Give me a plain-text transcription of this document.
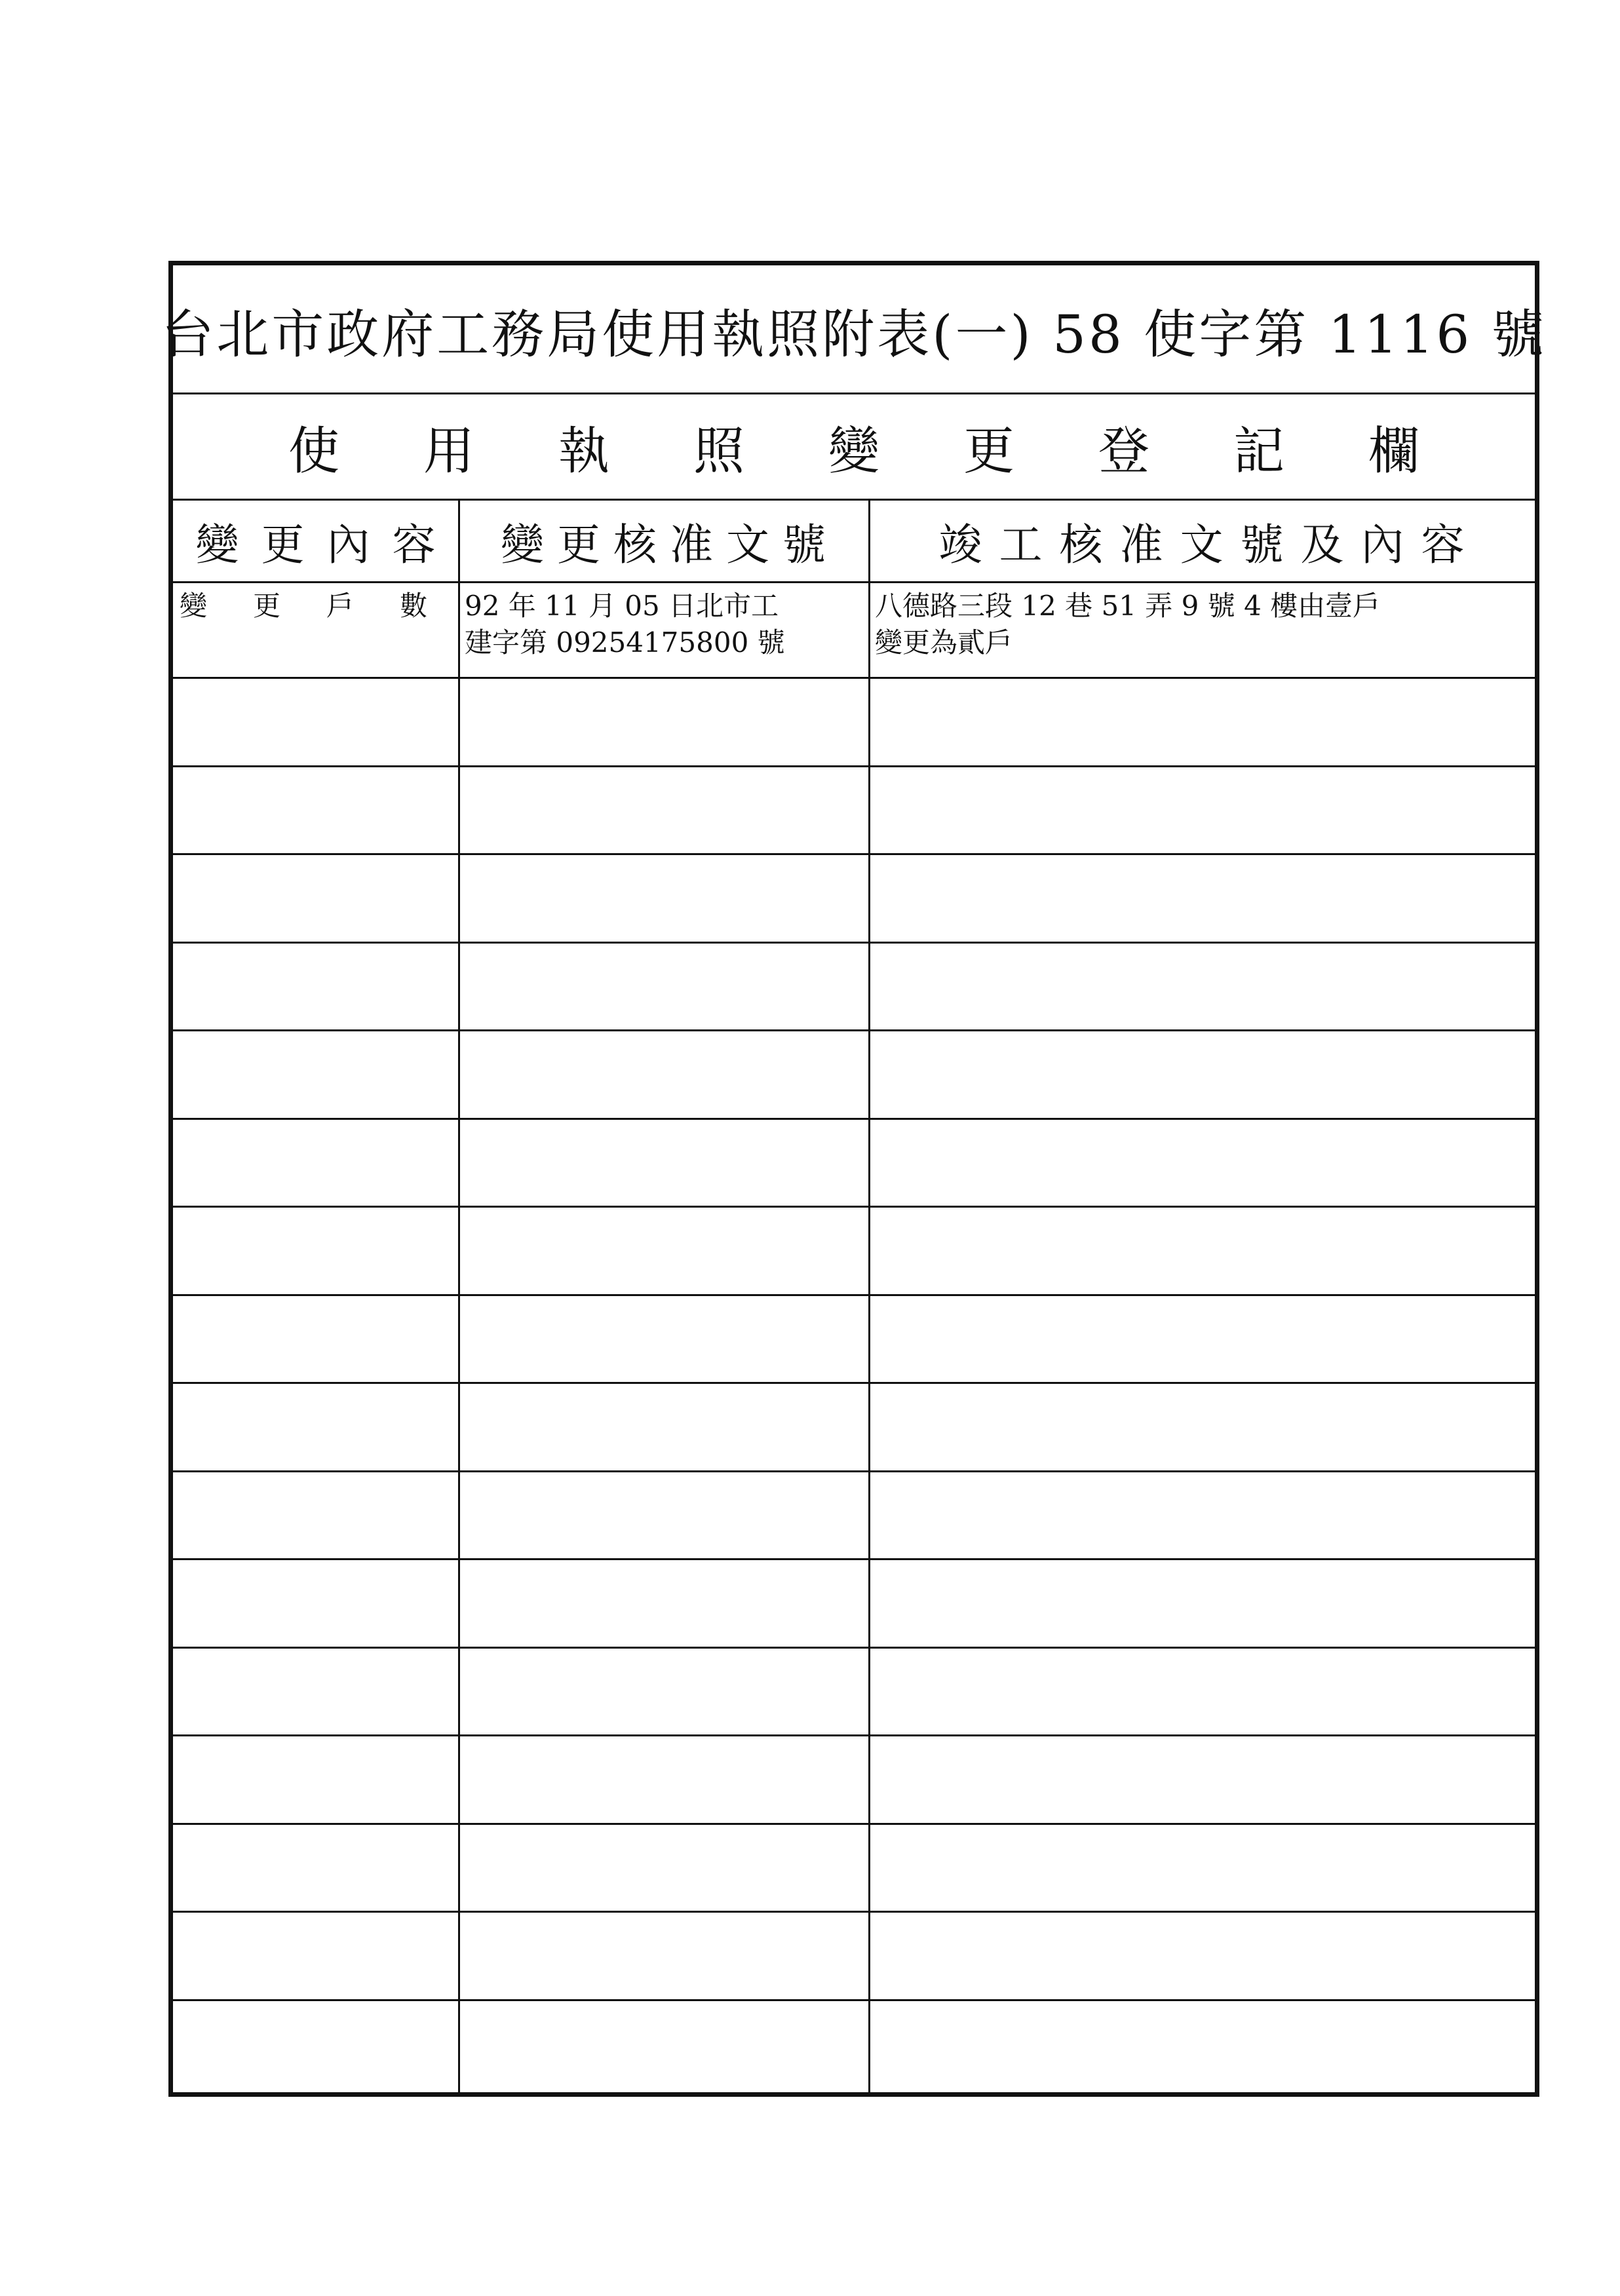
台北市政府工務局使用執照附表(一) 58 使字第 1116 號
使用執照變更登記欄
變更內容 變更核准文號	竣工核准文號及內容
變更戶數
92 年 11 月 05 日北市工
建字第 09254175800 號
八德路三段 12 巷 51 弄 9 號 4 樓由壹戶
變更為貳戶
